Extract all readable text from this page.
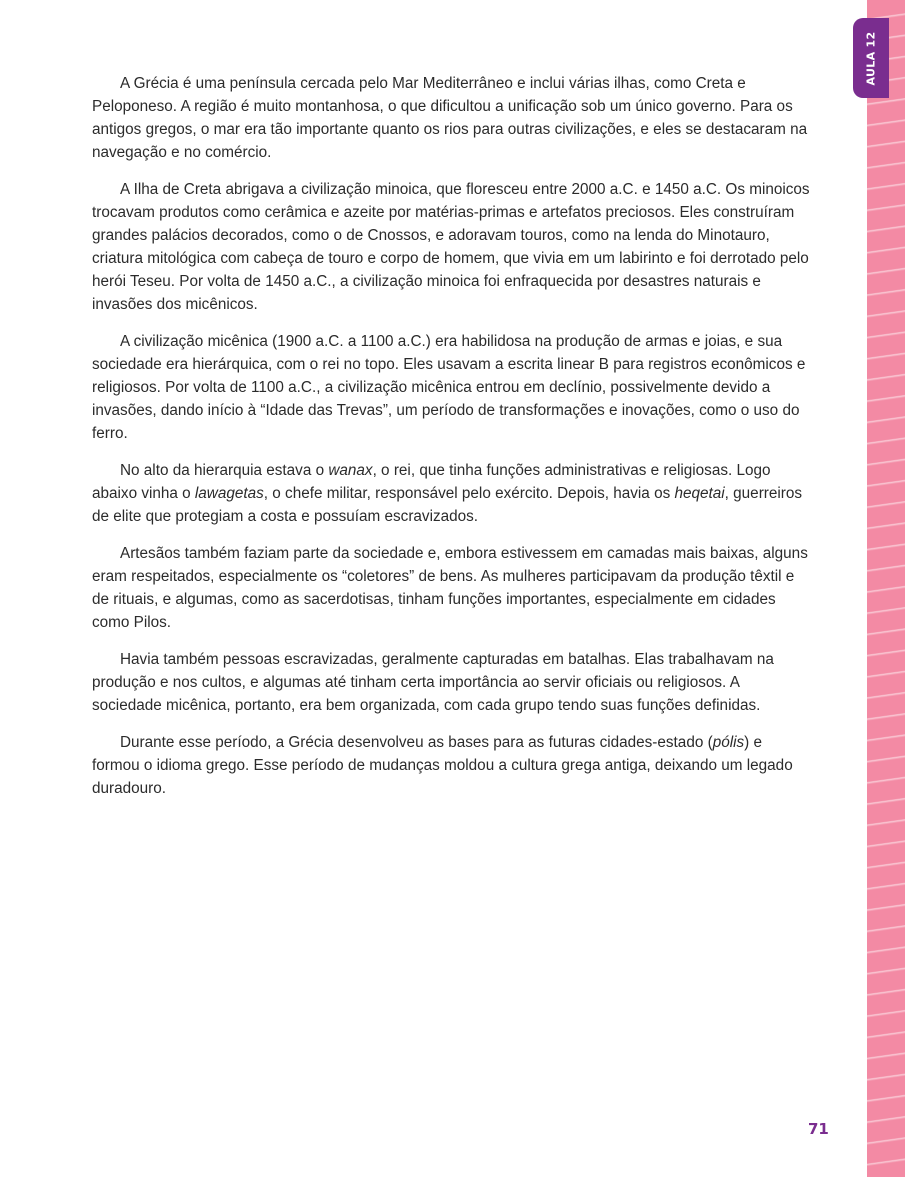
AULA 12

A Grécia é uma península cercada pelo Mar Mediterrâneo e inclui várias ilhas, como Creta e Peloponeso. A região é muito montanhosa, o que dificultou a unificação sob um único governo. Para os antigos gregos, o mar era tão importante quanto os rios para outras civilizações, e eles se destacaram na navegação e no comércio.

A Ilha de Creta abrigava a civilização minoica, que floresceu entre 2000 a.C. e 1450 a.C. Os minoicos trocavam produtos como cerâmica e azeite por matérias-primas e artefatos preciosos. Eles construíram grandes palácios decorados, como o de Cnossos, e adoravam touros, como na lenda do Minotauro, criatura mitológica com cabeça de touro e corpo de homem, que vivia em um labirinto e foi derrotado pelo herói Teseu. Por volta de 1450 a.C., a civilização minoica foi enfraquecida por desastres naturais e invasões dos micênicos.

A civilização micênica (1900 a.C. a 1100 a.C.) era habilidosa na produção de armas e joias, e sua sociedade era hierárquica, com o rei no topo. Eles usavam a escrita linear B para registros econômicos e religiosos. Por volta de 1100 a.C., a civilização micênica entrou em declínio, possivelmente devido a invasões, dando início à “Idade das Trevas”, um período de transformações e inovações, como o uso do ferro.

No alto da hierarquia estava o wanax, o rei, que tinha funções administrativas e religiosas. Logo abaixo vinha o lawagetas, o chefe militar, responsável pelo exército. Depois, havia os heqetai, guerreiros de elite que protegiam a costa e possuíam escravizados.

Artesãos também faziam parte da sociedade e, embora estivessem em camadas mais baixas, alguns eram respeitados, especialmente os “coletores” de bens. As mulheres participavam da produção têxtil e de rituais, e algumas, como as sacerdotisas, tinham funções importantes, especialmente em cidades como Pilos.

Havia também pessoas escravizadas, geralmente capturadas em batalhas. Elas trabalhavam na produção e nos cultos, e algumas até tinham certa importância ao servir oficiais ou religiosos. A sociedade micênica, portanto, era bem organizada, com cada grupo tendo suas funções definidas.

Durante esse período, a Grécia desenvolveu as bases para as futuras cidades-estado (pólis) e formou o idioma grego. Esse período de mudanças moldou a cultura grega antiga, deixando um legado duradouro.

71
